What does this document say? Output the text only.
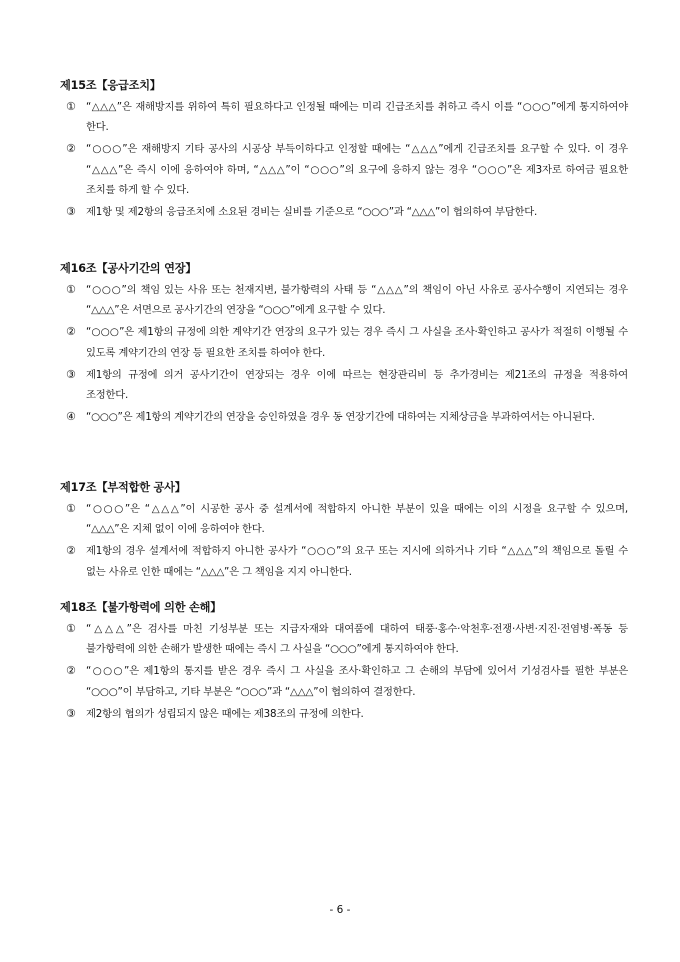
제15조【응급조치】
① “△△△”은 재해방지를 위하여 특히 필요하다고 인정될 때에는 미리 긴급조치를 취하고 즉시 이를 “○○○”에게 통지하여야 한다.
② “○○○”은 재해방지 기타 공사의 시공상 부득이하다고 인정할 때에는 “△△△”에게 긴급조치를 요구할 수 있다. 이 경우 “△△△”은 즉시 이에 응하여야 하며, “△△△”이 “○○○”의 요구에 응하지 않는 경우 “○○○”은 제3자로 하여금 필요한 조치를 하게 할 수 있다.
③ 제1항 및 제2항의 응급조치에 소요된 경비는 실비를 기준으로 “○○○”과 “△△△”이 협의하여 부담한다.
제16조【공사기간의 연장】
① “○○○”의 책임 있는 사유 또는 천재지변, 불가항력의 사태 등 “△△△”의 책임이 아닌 사유로 공사수행이 지연되는 경우 “△△△”은 서면으로 공사기간의 연장을 “○○○”에게 요구할 수 있다.
② “○○○”은 제1항의 규정에 의한 계약기간 연장의 요구가 있는 경우 즉시 그 사실을 조사·확인하고 공사가 적절히 이행될 수 있도록 계약기간의 연장 등 필요한 조치를 하여야 한다.
③ 제1항의 규정에 의거 공사기간이 연장되는 경우 이에 따르는 현장관리비 등 추가경비는 제21조의 규정을 적용하여 조정한다.
④ “○○○”은 제1항의 계약기간의 연장을 승인하였을 경우 동 연장기간에 대하여는 지체상금을 부과하여서는 아니된다.
제17조【부적합한 공사】
① “○○○”은 “△△△”이 시공한 공사 중 설계서에 적합하지 아니한 부분이 있을 때에는 이의 시정을 요구할 수 있으며, “△△△”은 지체 없이 이에 응하여야 한다.
② 제1항의 경우 설계서에 적합하지 아니한 공사가 “○○○”의 요구 또는 지시에 의하거나 기타 “△△△”의 책임으로 돌릴 수 없는 사유로 인한 때에는 “△△△”은 그 책임을 지지 아니한다.
제18조【불가항력에 의한 손해】
① “△△△”은 검사를 마친 기성부분 또는 지급자재와 대여품에 대하여 태풍·홍수·악천후·전쟁·사변·지진·전염병·폭동 등 불가항력에 의한 손해가 발생한 때에는 즉시 그 사실을 “○○○”에게 통지하여야 한다.
② “○○○”은 제1항의 통지를 받은 경우 즉시 그 사실을 조사·확인하고 그 손해의 부담에 있어서 기성검사를 필한 부분은 “○○○”이 부담하고, 기타 부분은 “○○○”과 “△△△”이 협의하여 결정한다.
③ 제2항의 협의가 성립되지 않은 때에는 제38조의 규정에 의한다.
- 6 -
